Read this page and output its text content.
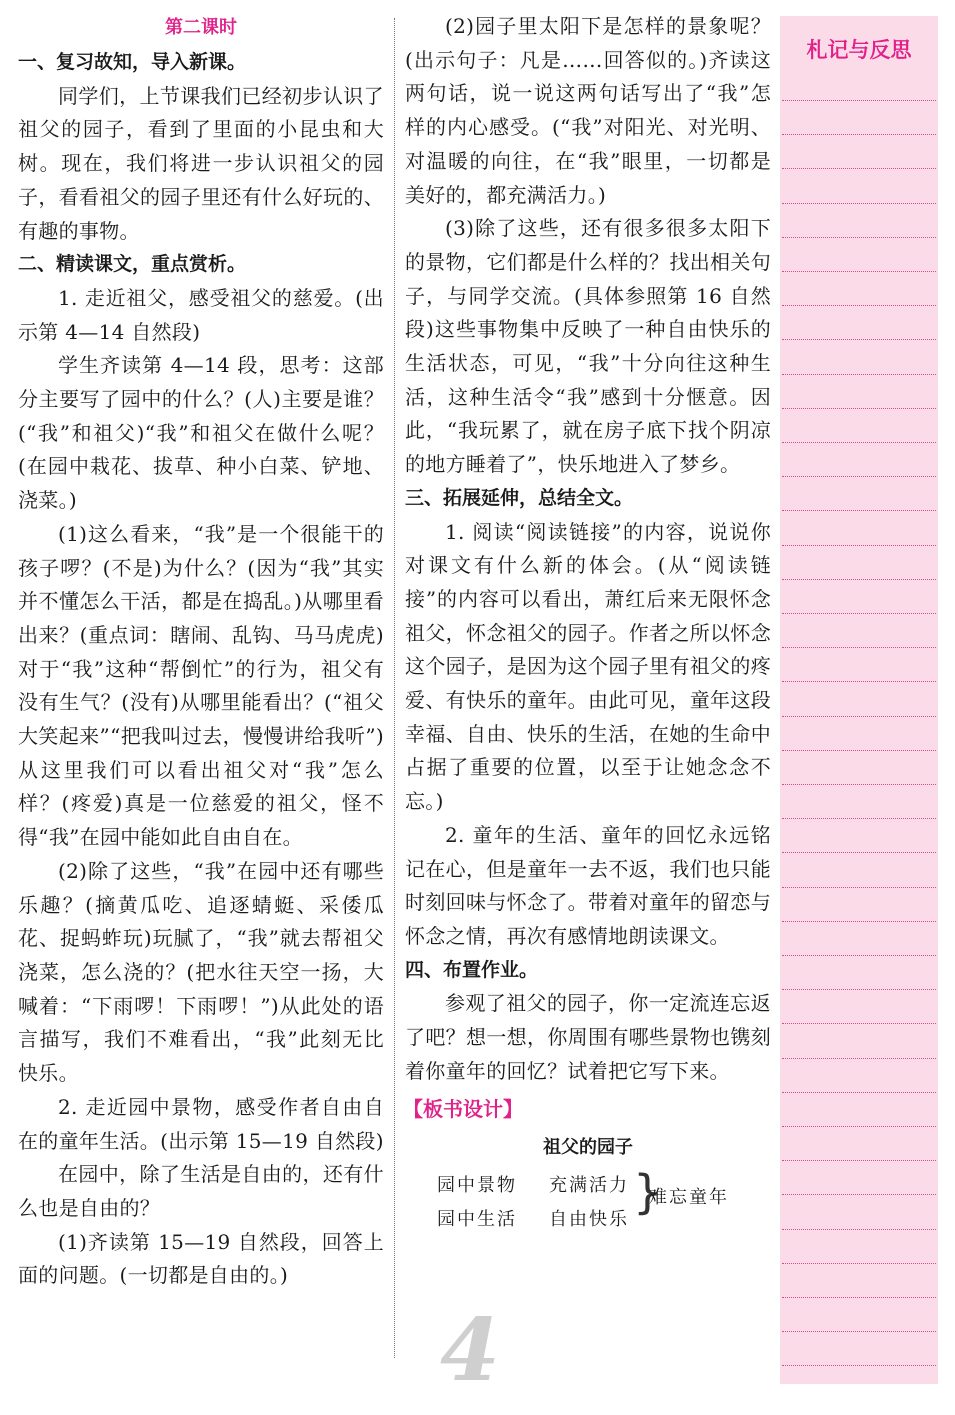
第二课时

一、复习故知，导入新课。

同学们，上节课我们已经初步认识了祖父的园子，看到了里面的小昆虫和大树。现在，我们将进一步认识祖父的园子，看看祖父的园子里还有什么好玩的、有趣的事物。

二、精读课文，重点赏析。

1. 走近祖父，感受祖父的慈爱。(出示第 4—14 自然段)

学生齐读第 4—14 段，思考：这部分主要写了园中的什么？(人)主要是谁？(“我”和祖父)“我”和祖父在做什么呢？(在园中栽花、拔草、种小白菜、铲地、浇菜。)

(1)这么看来，“我”是一个很能干的孩子啰？(不是)为什么？(因为“我”其实并不懂怎么干活，都是在捣乱。)从哪里看出来？(重点词：瞎闹、乱钩、马马虎虎)对于“我”这种“帮倒忙”的行为，祖父有没有生气？(没有)从哪里能看出？(“祖父大笑起来”“把我叫过去，慢慢讲给我听”)从这里我们可以看出祖父对“我”怎么样？(疼爱)真是一位慈爱的祖父，怪不得“我”在园中能如此自由自在。

(2)除了这些，“我”在园中还有哪些乐趣？(摘黄瓜吃、追逐蜻蜓、采倭瓜花、捉蚂蚱玩)玩腻了，“我”就去帮祖父浇菜，怎么浇的？(把水往天空一扬，大喊着：“下雨啰！下雨啰！”)从此处的语言描写，我们不难看出，“我”此刻无比快乐。

2. 走近园中景物，感受作者自由自在的童年生活。(出示第 15—19 自然段)

在园中，除了生活是自由的，还有什么也是自由的？

(1)齐读第 15—19 自然段，回答上面的问题。(一切都是自由的。)

(2)园子里太阳下是怎样的景象呢？(出示句子：凡是……回答似的。)齐读这两句话，说一说这两句话写出了“我”怎样的内心感受。(“我”对阳光、对光明、对温暖的向往，在“我”眼里，一切都是美好的，都充满活力。)

(3)除了这些，还有很多很多太阳下的景物，它们都是什么样的？找出相关句子，与同学交流。(具体参照第 16 自然段)这些事物集中反映了一种自由快乐的生活状态，可见，“我”十分向往这种生活，这种生活令“我”感到十分惬意。因此，“我玩累了，就在房子底下找个阴凉的地方睡着了”，快乐地进入了梦乡。

三、拓展延伸，总结全文。

1. 阅读“阅读链接”的内容，说说你对课文有什么新的体会。(从“阅读链接”的内容可以看出，萧红后来无限怀念祖父，怀念祖父的园子。作者之所以怀念这个园子，是因为这个园子里有祖父的疼爱、有快乐的童年。由此可见，童年这段幸福、自由、快乐的生活，在她的生命中占据了重要的位置，以至于让她念念不忘。)

2. 童年的生活、童年的回忆永远铭记在心，但是童年一去不返，我们也只能时刻回味与怀念了。带着对童年的留恋与怀念之情，再次有感情地朗读课文。

四、布置作业。

参观了祖父的园子，你一定流连忘返了吧？想一想，你周围有哪些景物也镌刻着你童年的回忆？试着把它写下来。

【板书设计】

祖父的园子
园中景物 充满活力
园中生活 自由快乐
}
难忘童年
4
札记与反思
